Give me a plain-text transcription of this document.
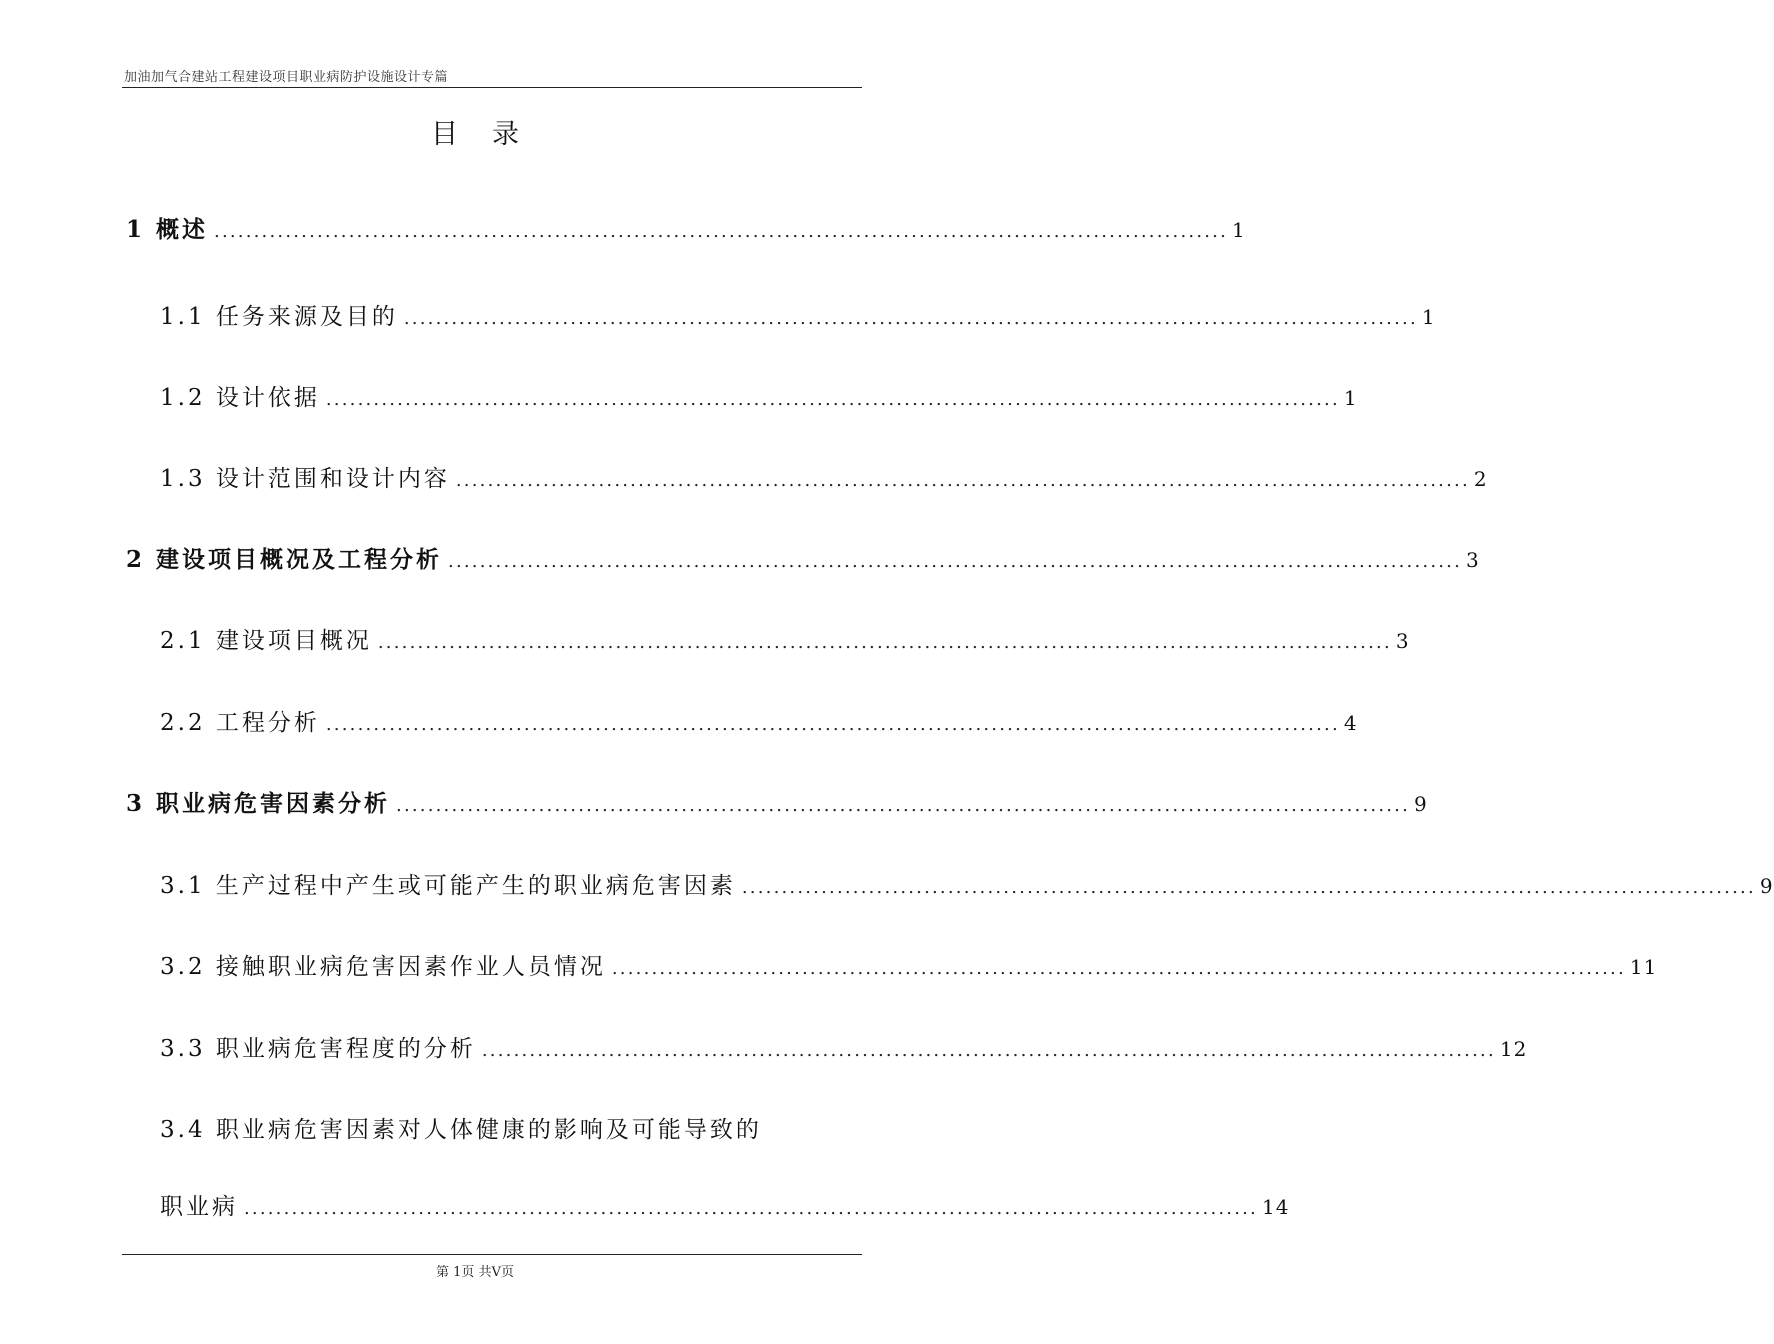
加油加气合建站工程建设项目职业病防护设施设计专篇
目录
1 概述 ................................................................................................................................ 1
1.1 任务来源及目的 ................................................................................................................................ 1
1.2 设计依据 ................................................................................................................................ 1
1.3 设计范围和设计内容 ................................................................................................................................ 2
2 建设项目概况及工程分析 ................................................................................................................................ 3
2.1 建设项目概况 ................................................................................................................................ 3
2.2 工程分析 ................................................................................................................................ 4
3 职业病危害因素分析 ................................................................................................................................ 9
3.1 生产过程中产生或可能产生的职业病危害因素 ................................................................................................................................ 9
3.2 接触职业病危害因素作业人员情况 ................................................................................................................................ 11
3.3 职业病危害程度的分析 ................................................................................................................................ 12
3.4 职业病危害因素对人体健康的影响及可能导致的
职业病 ................................................................................................................................ 14
第 1页 共V页
